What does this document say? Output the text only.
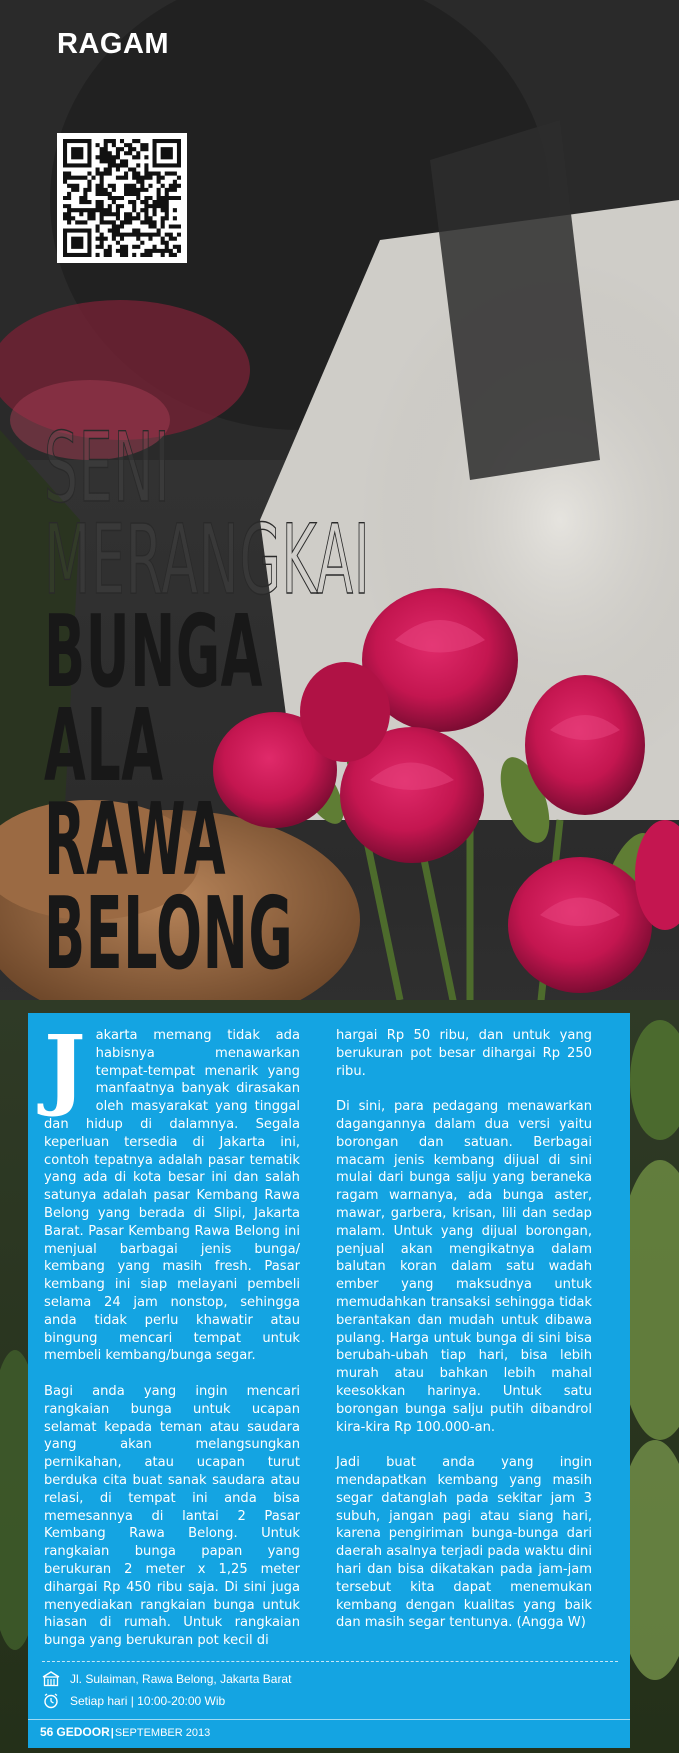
RAGAM
SENI
MERANGKAI
BUNGA
ALA
RAWA
BELONG

Jakarta memang tidak ada habisnya menawarkan tempat-tempat menarik yang manfaatnya banyak dirasakan oleh masyarakat yang tinggal dan hidup di dalamnya. Segala keperluan tersedia di Jakarta ini, contoh tepatnya adalah pasar tematik yang ada di kota besar ini dan salah satunya adalah pasar Kembang Rawa Belong yang berada di Slipi, Jakarta Barat. Pasar Kembang Rawa Belong ini menjual barbagai jenis bunga/ kembang yang masih fresh. Pasar kembang ini siap melayani pembeli selama 24 jam nonstop, sehingga anda tidak perlu khawatir atau bingung mencari tempat untuk membeli kembang/bunga segar.

Bagi anda yang ingin mencari rangkaian bunga untuk ucapan selamat kepada teman atau saudara yang akan melangsungkan pernikahan, atau ucapan turut berduka cita buat sanak saudara atau relasi, di tempat ini anda bisa memesannya di lantai 2 Pasar Kembang Rawa Belong. Untuk rangkaian bunga papan yang berukuran 2 meter x 1,25 meter dihargai Rp 450 ribu saja. Di sini juga menyediakan rangkaian bunga untuk hiasan di rumah. Untuk rangkaian bunga yang berukuran pot kecil di

hargai Rp 50 ribu, dan untuk yang berukuran pot besar dihargai Rp 250 ribu.

Di sini, para pedagang menawarkan dagangannya dalam dua versi yaitu borongan dan satuan. Berbagai macam jenis kembang dijual di sini mulai dari bunga salju yang beraneka ragam warnanya, ada bunga aster, mawar, garbera, krisan, lili dan sedap malam. Untuk yang dijual borongan, penjual akan mengikatnya dalam balutan koran dalam satu wadah ember yang maksudnya untuk memudahkan transaksi sehingga tidak berantakan dan mudah untuk dibawa pulang. Harga untuk bunga di sini bisa berubah-ubah tiap hari, bisa lebih murah atau bahkan lebih mahal keesokkan harinya. Untuk satu borongan bunga salju putih dibandrol kira-kira Rp 100.000-an.

Jadi buat anda yang ingin mendapatkan kembang yang masih segar datanglah pada sekitar jam 3 subuh, jangan pagi atau siang hari, karena pengiriman bunga-bunga dari daerah asalnya terjadi pada waktu dini hari dan bisa dikatakan pada jam-jam tersebut kita dapat menemukan kembang dengan kualitas yang baik dan masih segar tentunya. (Angga W)

Jl. Sulaiman, Rawa Belong, Jakarta Barat
Setiap hari | 10:00-20:00 Wib
56 GEDOOR|SEPTEMBER 2013
